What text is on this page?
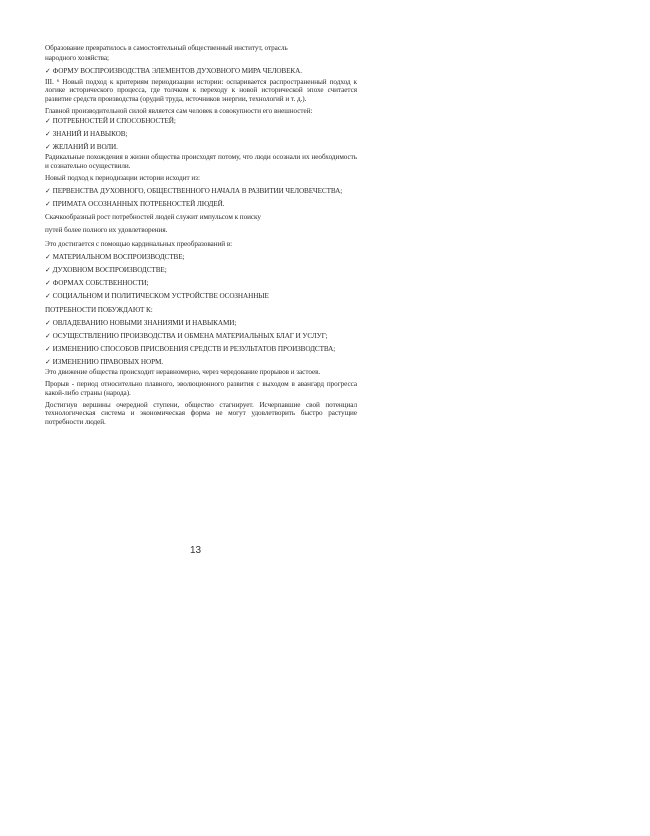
Образование превратилось в самостоятельный общественный институт, отрасль

народного хозяйства;

✓ ФОРМУ ВОСПРОИЗВОДСТВА ЭЛЕМЕНТОВ ДУХОВНОГО МИРА ЧЕЛОВЕКА.

III. ⁶ Новый подход к критериям периодизации истории: оспаривается распространенный подход к логике исторического процесса, где толчком к переходу к новой исторической эпохе считается развитие средств производства (орудий труда, источников энергии, технологий и т. д.).

Главной производительной силой является сам человек в совокупности его внешностей:

✓ ПОТРЕБНОСТЕЙ И СПОСОБНОСТЕЙ;

✓ ЗНАНИЙ И НАВЫКОВ;

✓ ЖЕЛАНИЙ И ВОЛИ.

Радикальные похождения в жизни общества происходят потому, что люди осознали их необходимость и сознательно осуществили.

Новый подход к периодизации истории исходит из:

✓ ПЕРВЕНСТВА ДУХОВНОГО, ОБЩЕСТВЕННОГО НАЧАЛА В РАЗВИТИИ ЧЕЛОВЕЧЕСТВА;

✓ ПРИМАТА ОСОЗНАННЫХ ПОТРЕБНОСТЕЙ ЛЮДЕЙ.

Скачкообразный рост потребностей людей служит импульсом к поиску

путей более полного их удовлетворения.

Это достигается с помощью кардинальных преобразований в:

✓ МАТЕРИАЛЬНОМ ВОСПРОИЗВОДСТВЕ;

✓ ДУХОВНОМ ВОСПРОИЗВОДСТВЕ;

✓ ФОРМАХ СОБСТВЕННОСТИ;

✓ СОЦИАЛЬНОМ И ПОЛИТИЧЕСКОМ УСТРОЙСТВЕ ОСОЗНАННЫЕ

ПОТРЕБНОСТИ ПОБУЖДАЮТ К:

✓ ОВЛАДЕВАНИЮ НОВЫМИ ЗНАНИЯМИ И НАВЫКАМИ;

✓ ОСУЩЕСТВЛЕНИЮ ПРОИЗВОДСТВА И ОБМЕНА МАТЕРИАЛЬНЫХ БЛАГ И УСЛУГ;

✓ ИЗМЕНЕНИЮ СПОСОБОВ ПРИСВОЕНИЯ СРЕДСТВ И РЕЗУЛЬТАТОВ ПРОИЗВОДСТВА;

✓ ИЗМЕНЕНИЮ ПРАВОВЫХ НОРМ.

Это движение общества происходит неравномерно, через чередование прорывов и застоев.

Прорыв - период относительно плавного, эволюционного развития с выходом в авангард прогресса какой-либо страны (народа).

Достигнув вершины очередной ступени, общество стагнирует. Исчерпавшие свой потенциал технологическая система и экономическая форма не могут удовлетворить быстро растущие потребности людей.

13
